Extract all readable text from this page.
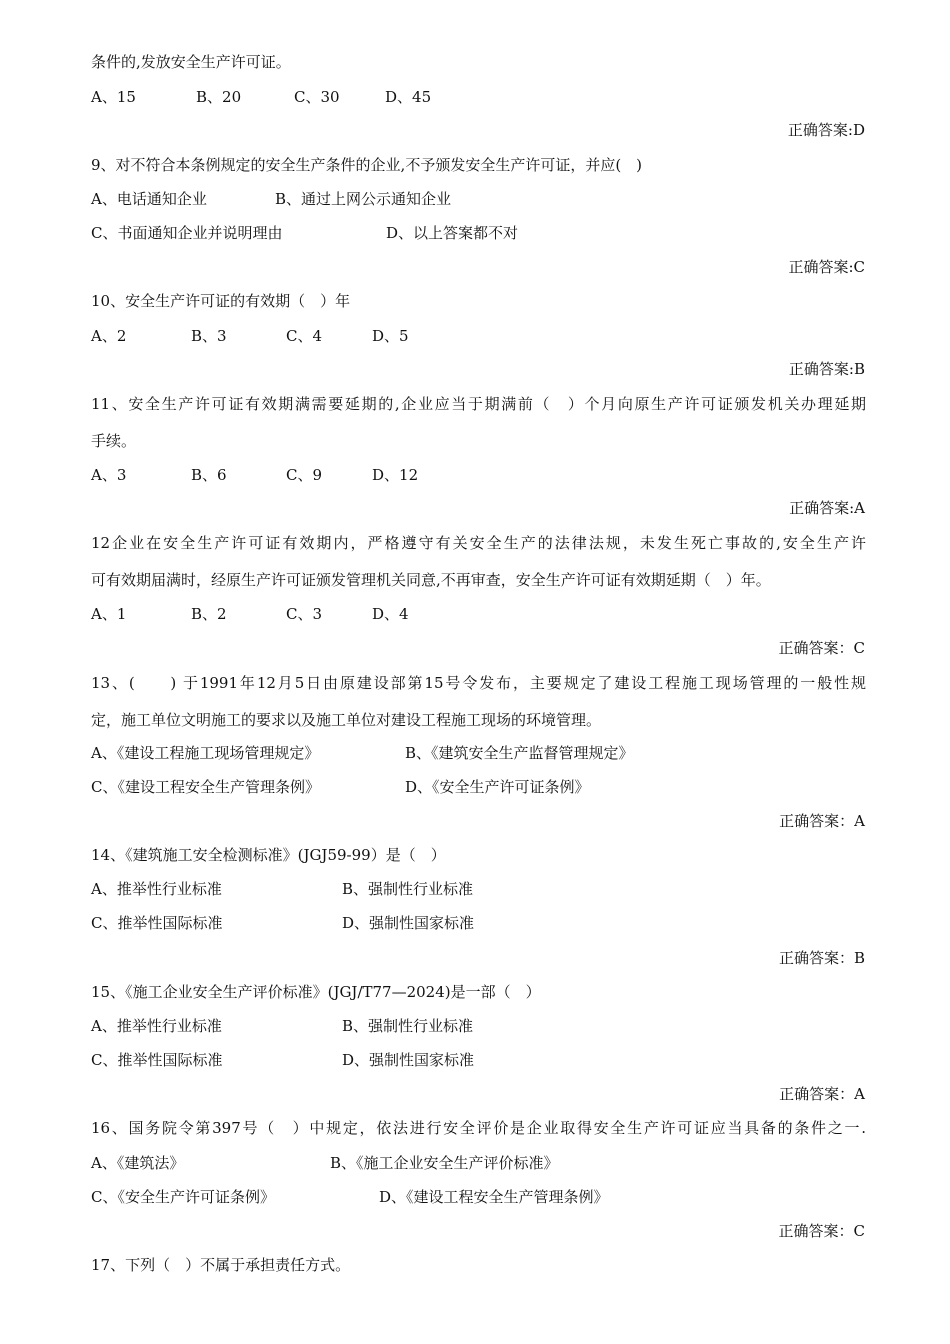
条件的,发放安全生产许可证。
A、15	B、20	C、30	D、45
正确答案:D
9、对不符合本条例规定的安全生产条件的企业,不予颁发安全生产许可证，并应(　)
A、电话通知企业	B、通过上网公示通知企业
C、书面通知企业并说明理由	D、以上答案都不对
正确答案:C
10、安全生产许可证的有效期（　）年
A、2	B、3	C、4	D、5
正确答案:B
11、安全生产许可证有效期满需要延期的,企业应当于期满前（　）个月向原生产许可证颁发机关办理延期
手续。
A、3	B、6	C、9	D、12
正确答案:A
12企业在安全生产许可证有效期内，严格遵守有关安全生产的法律法规，未发生死亡事故的,安全生产许
可有效期届满时，经原生产许可证颁发管理机关同意,不再审查，安全生产许可证有效期延期（　）年。
A、1	B、2	C、3	D、4
正确答案：C
13、(　　) 于1991年12月5日由原建设部第15号令发布，主要规定了建设工程施工现场管理的一般性规
定，施工单位文明施工的要求以及施工单位对建设工程施工现场的环境管理。
A、《建设工程施工现场管理规定》	B、《建筑安全生产监督管理规定》
C、《建设工程安全生产管理条例》	D、《安全生产许可证条例》
正确答案：A
14、《建筑施工安全检测标准》(JGJ59-99）是（　）
A、推举性行业标准	B、强制性行业标准
C、推举性国际标准	D、强制性国家标准
正确答案：B
15、《施工企业安全生产评价标准》(JGJ/T77—2024)是一部（　）
A、推举性行业标准	B、强制性行业标准
C、推举性国际标准	D、强制性国家标准
正确答案：A
16、国务院令第397号（　）中规定，依法进行安全评价是企业取得安全生产许可证应当具备的条件之一.
A、《建筑法》	B、《施工企业安全生产评价标准》
C、《安全生产许可证条例》	D、《建设工程安全生产管理条例》
正确答案：C
17、下列（　）不属于承担责任方式。
